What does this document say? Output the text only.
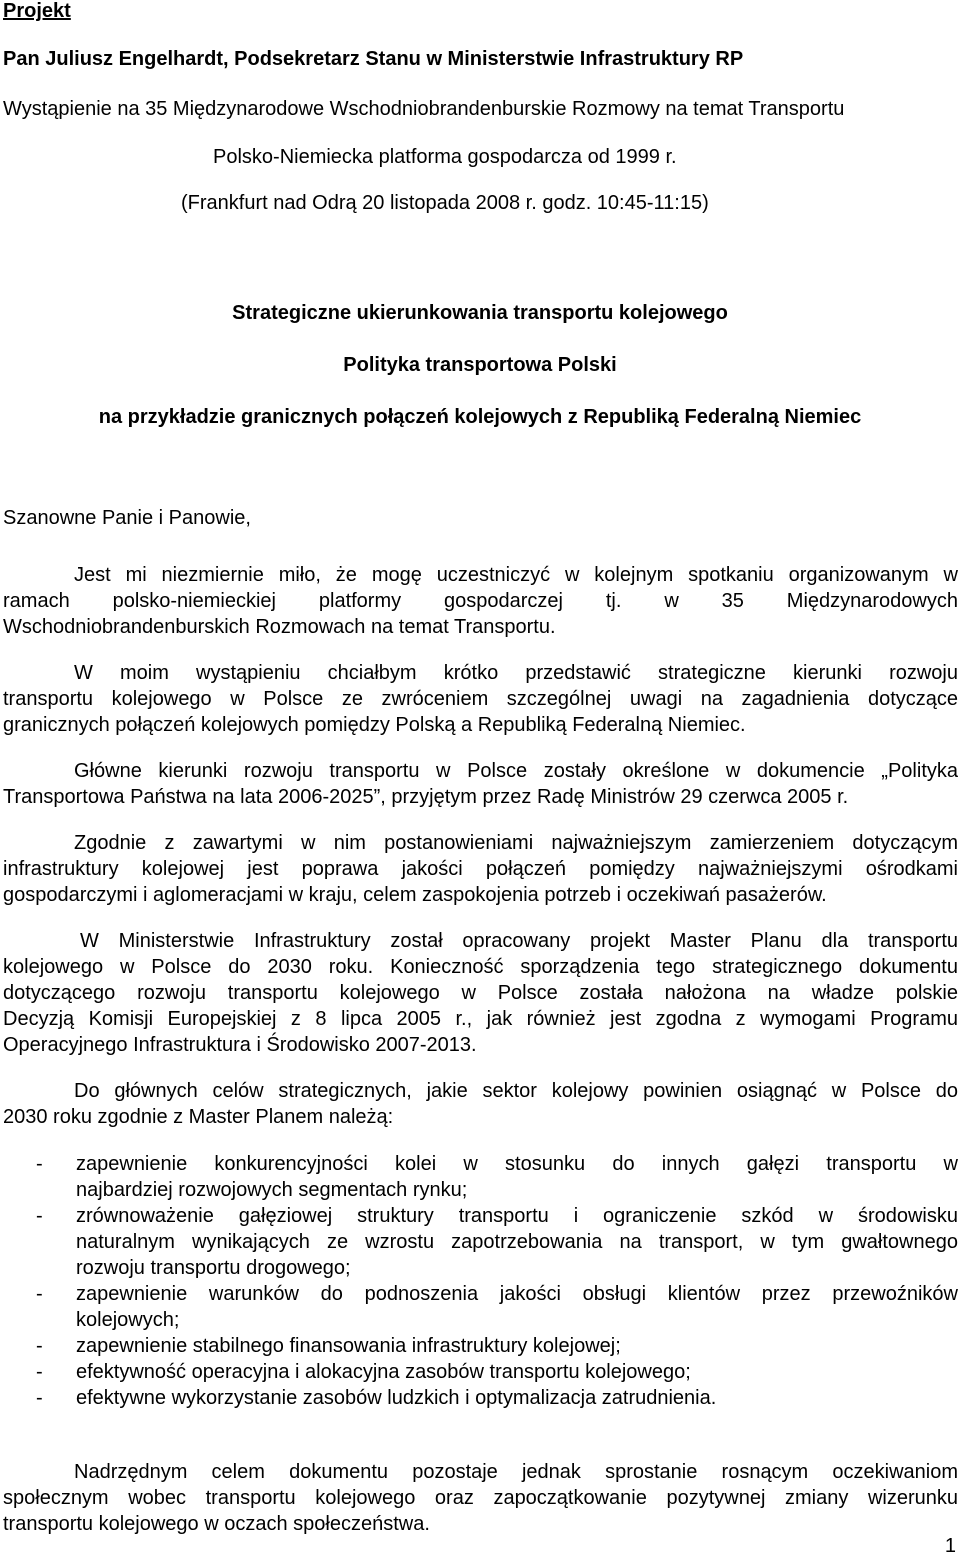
Projekt

Pan Juliusz Engelhardt, Podsekretarz Stanu w Ministerstwie Infrastruktury RP

Wystąpienie na 35 Międzynarodowe Wschodniobrandenburskie Rozmowy na temat Transportu

Polsko-Niemiecka platforma gospodarcza od 1999 r.

(Frankfurt nad Odrą 20 listopada 2008 r. godz. 10:45-11:15)

Strategiczne ukierunkowania transportu kolejowego

Polityka transportowa Polski

na przykładzie granicznych połączeń kolejowych z Republiką Federalną Niemiec

Szanowne Panie i Panowie,

Jest mi niezmiernie miło, że mogę uczestniczyć w kolejnym spotkaniu organizowanym w

ramach polsko-niemieckiej platformy gospodarczej tj. w 35 Międzynarodowych

Wschodniobrandenburskich Rozmowach na temat Transportu.

W moim wystąpieniu chciałbym krótko przedstawić strategiczne kierunki rozwoju

transportu kolejowego w Polsce ze zwróceniem szczególnej uwagi na zagadnienia dotyczące

granicznych połączeń kolejowych pomiędzy Polską a Republiką Federalną Niemiec.

Główne kierunki rozwoju transportu w Polsce zostały określone w dokumencie „Polityka

Transportowa Państwa na lata 2006-2025”, przyjętym przez Radę Ministrów 29 czerwca 2005 r.

Zgodnie z zawartymi w nim postanowieniami najważniejszym zamierzeniem dotyczącym

infrastruktury kolejowej jest poprawa jakości połączeń pomiędzy najważniejszymi ośrodkami

gospodarczymi i aglomeracjami w kraju, celem zaspokojenia potrzeb i oczekiwań pasażerów.

W Ministerstwie Infrastruktury został opracowany projekt Master Planu dla transportu

kolejowego w Polsce do 2030 roku. Konieczność sporządzenia tego strategicznego dokumentu

dotyczącego rozwoju transportu kolejowego w Polsce została nałożona na władze polskie

Decyzją Komisji Europejskiej z 8 lipca 2005 r., jak również jest zgodna z wymogami Programu

Operacyjnego Infrastruktura i Środowisko 2007-2013.

Do głównych celów strategicznych, jakie sektor kolejowy powinien osiągnąć w Polsce do

2030 roku zgodnie z Master Planem należą:

- zapewnienie konkurencyjności kolei w stosunku do innych gałęzi transportu w

najbardziej rozwojowych segmentach rynku;

- zrównoważenie gałęziowej struktury transportu i ograniczenie szkód w środowisku

naturalnym wynikających ze wzrostu zapotrzebowania na transport, w tym gwałtownego

rozwoju transportu drogowego;

- zapewnienie warunków do podnoszenia jakości obsługi klientów przez przewoźników

kolejowych;

- zapewnienie stabilnego finansowania infrastruktury kolejowej;

- efektywność operacyjna i alokacyjna zasobów transportu kolejowego;

- efektywne wykorzystanie zasobów ludzkich i optymalizacja zatrudnienia.

Nadrzędnym celem dokumentu pozostaje jednak sprostanie rosnącym oczekiwaniom

społecznym wobec transportu kolejowego oraz zapoczątkowanie pozytywnej zmiany wizerunku

transportu kolejowego w oczach społeczeństwa.

1
